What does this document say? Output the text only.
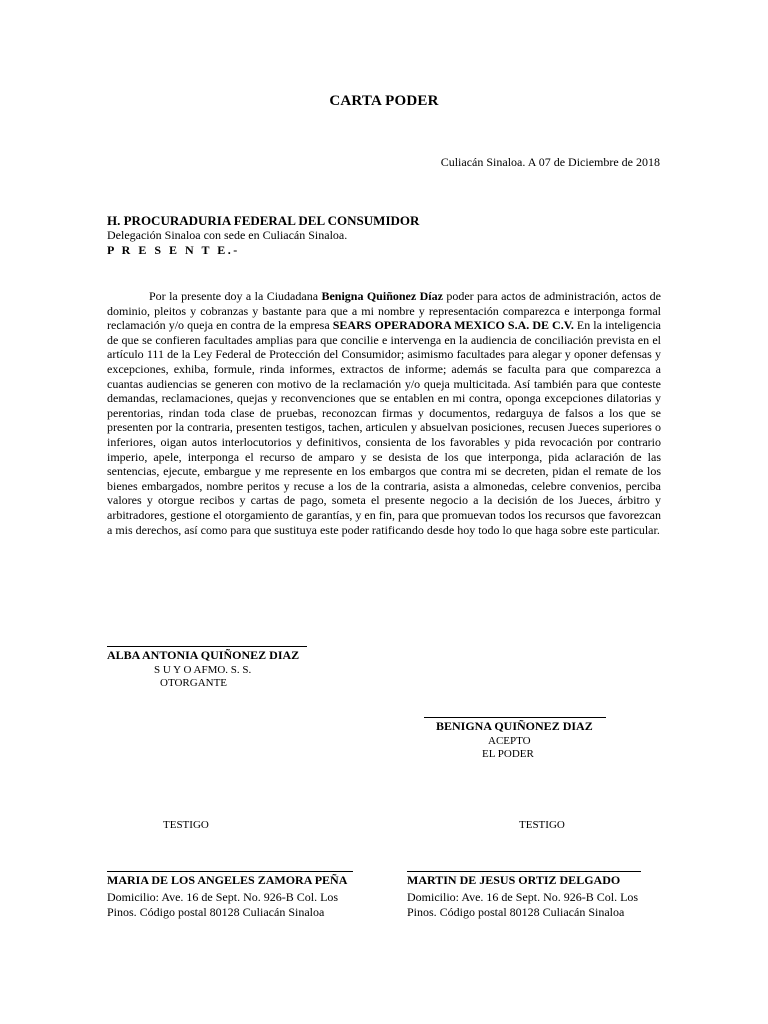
CARTA PODER
Culiacán Sinaloa. A 07 de Diciembre de 2018
H. PROCURADURIA FEDERAL DEL CONSUMIDOR
Delegación Sinaloa con sede en Culiacán Sinaloa.
P R E S E N T E.-
Por la presente doy a la Ciudadana Benigna Quiñonez Díaz poder para actos de administración, actos de dominio, pleitos y cobranzas y bastante para que a mi nombre y representación comparezca e interponga formal reclamación y/o queja en contra de la empresa SEARS OPERADORA MEXICO S.A. DE C.V. En la inteligencia de que se confieren facultades amplias para que concilie e intervenga en la audiencia de conciliación prevista en el artículo 111 de la Ley Federal de Protección del Consumidor; asimismo facultades para alegar y oponer defensas y excepciones, exhiba, formule, rinda informes, extractos de informe; además se faculta para que comparezca a cuantas audiencias se generen con motivo de la reclamación y/o queja multicitada. Así también para que conteste demandas, reclamaciones, quejas y reconvenciones que se entablen en mi contra, oponga excepciones dilatorias y perentorias, rindan toda clase de pruebas, reconozcan firmas y documentos, redarguya de falsos a los que se presenten por la contraria, presenten testigos, tachen, articulen y absuelvan posiciones, recusen Jueces superiores o inferiores, oigan autos interlocutorios y definitivos, consienta de los favorables y pida revocación por contrario imperio, apele, interponga el recurso de amparo y se desista de los que interponga, pida aclaración de las sentencias, ejecute, embargue y me represente en los embargos que contra mi se decreten, pidan el remate de los bienes embargados, nombre peritos y recuse a los de la contraria, asista a almonedas, celebre convenios, perciba valores y otorgue recibos y cartas de pago, someta el presente negocio a la decisión de los Jueces, árbitro y arbitradores, gestione el otorgamiento de garantías, y en fin, para que promuevan todos los recursos que favorezcan a mis derechos, así como para que sustituya este poder ratificando desde hoy todo lo que haga sobre este particular.
ALBA ANTONIA QUIÑONEZ DIAZ
S U Y O AFMO. S. S.
OTORGANTE
BENIGNA QUIÑONEZ DIAZ
ACEPTO
EL PODER
TESTIGO	TESTIGO
MARIA DE LOS ANGELES ZAMORA PEÑA
Domicilio: Ave. 16 de Sept. No. 926-B Col. Los
Pinos. Código postal 80128 Culiacán Sinaloa
MARTIN DE JESUS ORTIZ DELGADO
Domicilio: Ave. 16 de Sept. No. 926-B Col. Los
Pinos. Código postal 80128 Culiacán Sinaloa
